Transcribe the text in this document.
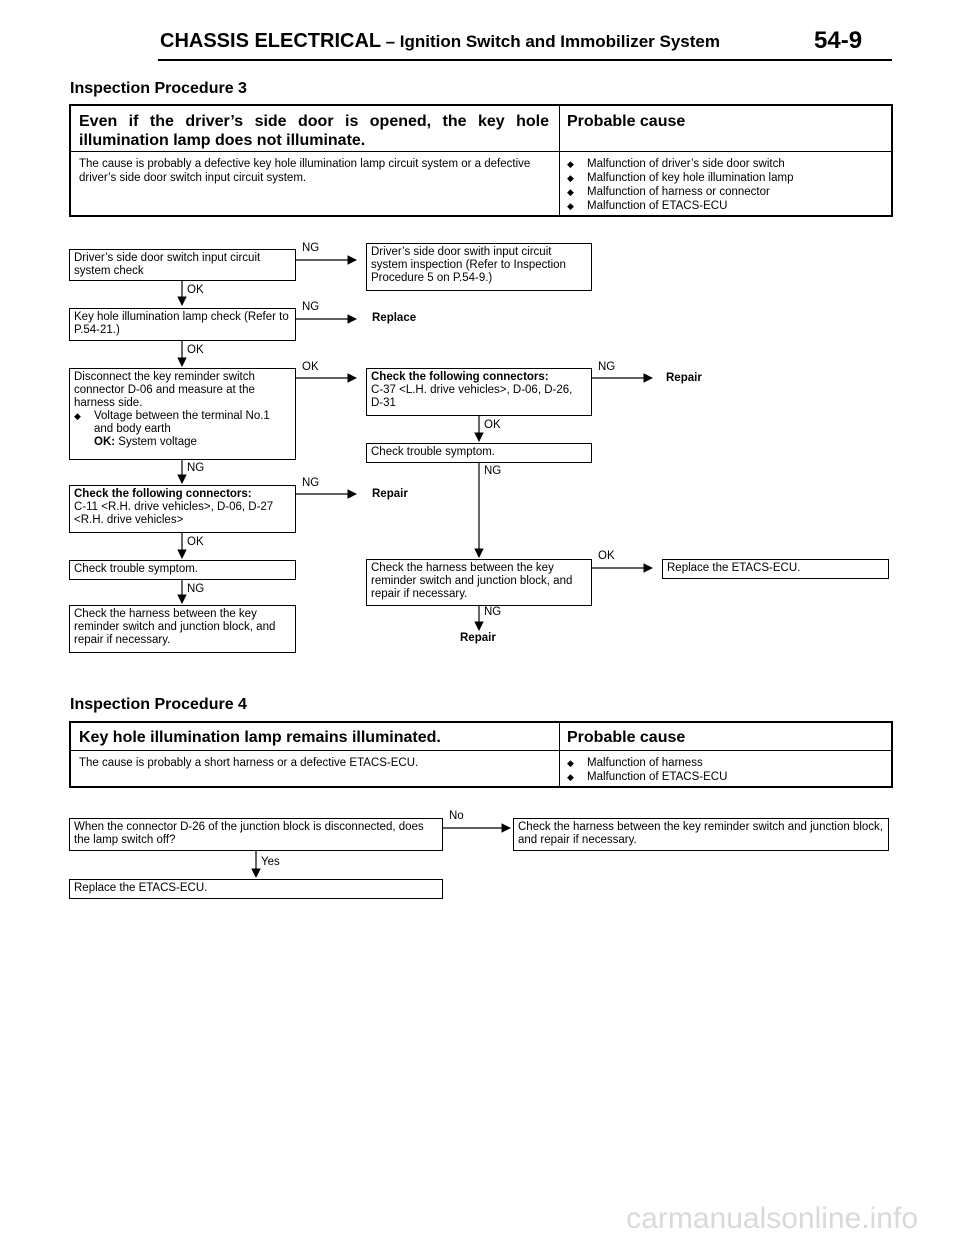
CHASSIS ELECTRICAL – Ignition Switch and Immobilizer System	54-9
Inspection Procedure 3
Even if the driver’s side door is opened, the key hole illumination lamp does not illuminate.
Probable cause
The cause is probably a defective key hole illumination lamp circuit system or a defective driver’s side door switch input circuit system.
◆ Malfunction of driver’s side door switch
◆ Malfunction of key hole illumination lamp
◆ Malfunction of harness or connector
◆ Malfunction of ETACS-ECU
Driver’s side door switch input circuit system check
Key hole illumination lamp check (Refer to P.54-21.)
Disconnect the key reminder switch connector D-06 and measure at the harness side.
◆ Voltage between the terminal No.1
and body earth
OK: System voltage
Check the following connectors:
C-11 <R.H. drive vehicles>, D-06, D-27 <R.H. drive vehicles>
Check trouble symptom.
Check the harness between the key reminder switch and junction block, and repair if necessary.
Driver’s side door swith input circuit system inspection (Refer to Inspection Procedure 5 on P.54-9.)
Replace
Check the following connectors:
C-37 <L.H. drive vehicles>, D-06, D-26, D-31
Repair
Check trouble symptom.
Repair
Check the harness between the key reminder switch and junction block, and repair if necessary.
Replace the ETACS-ECU.
Repair
NG
OK
NG
OK
OK	NG
OK
NG	NG
NG
OK
OK
NG
NG
Inspection Procedure 4
Key hole illumination lamp remains illuminated.	Probable cause
The cause is probably a short harness or a defective ETACS-ECU.
◆	Malfunction of harness
◆ Malfunction of ETACS-ECU
When the connector D-26 of the junction block is disconnected, does the lamp switch off?
Check the harness between the key reminder switch and junction block, and repair if necessary.
Replace the ETACS-ECU.
No
Yes
carmanualsonline.info
